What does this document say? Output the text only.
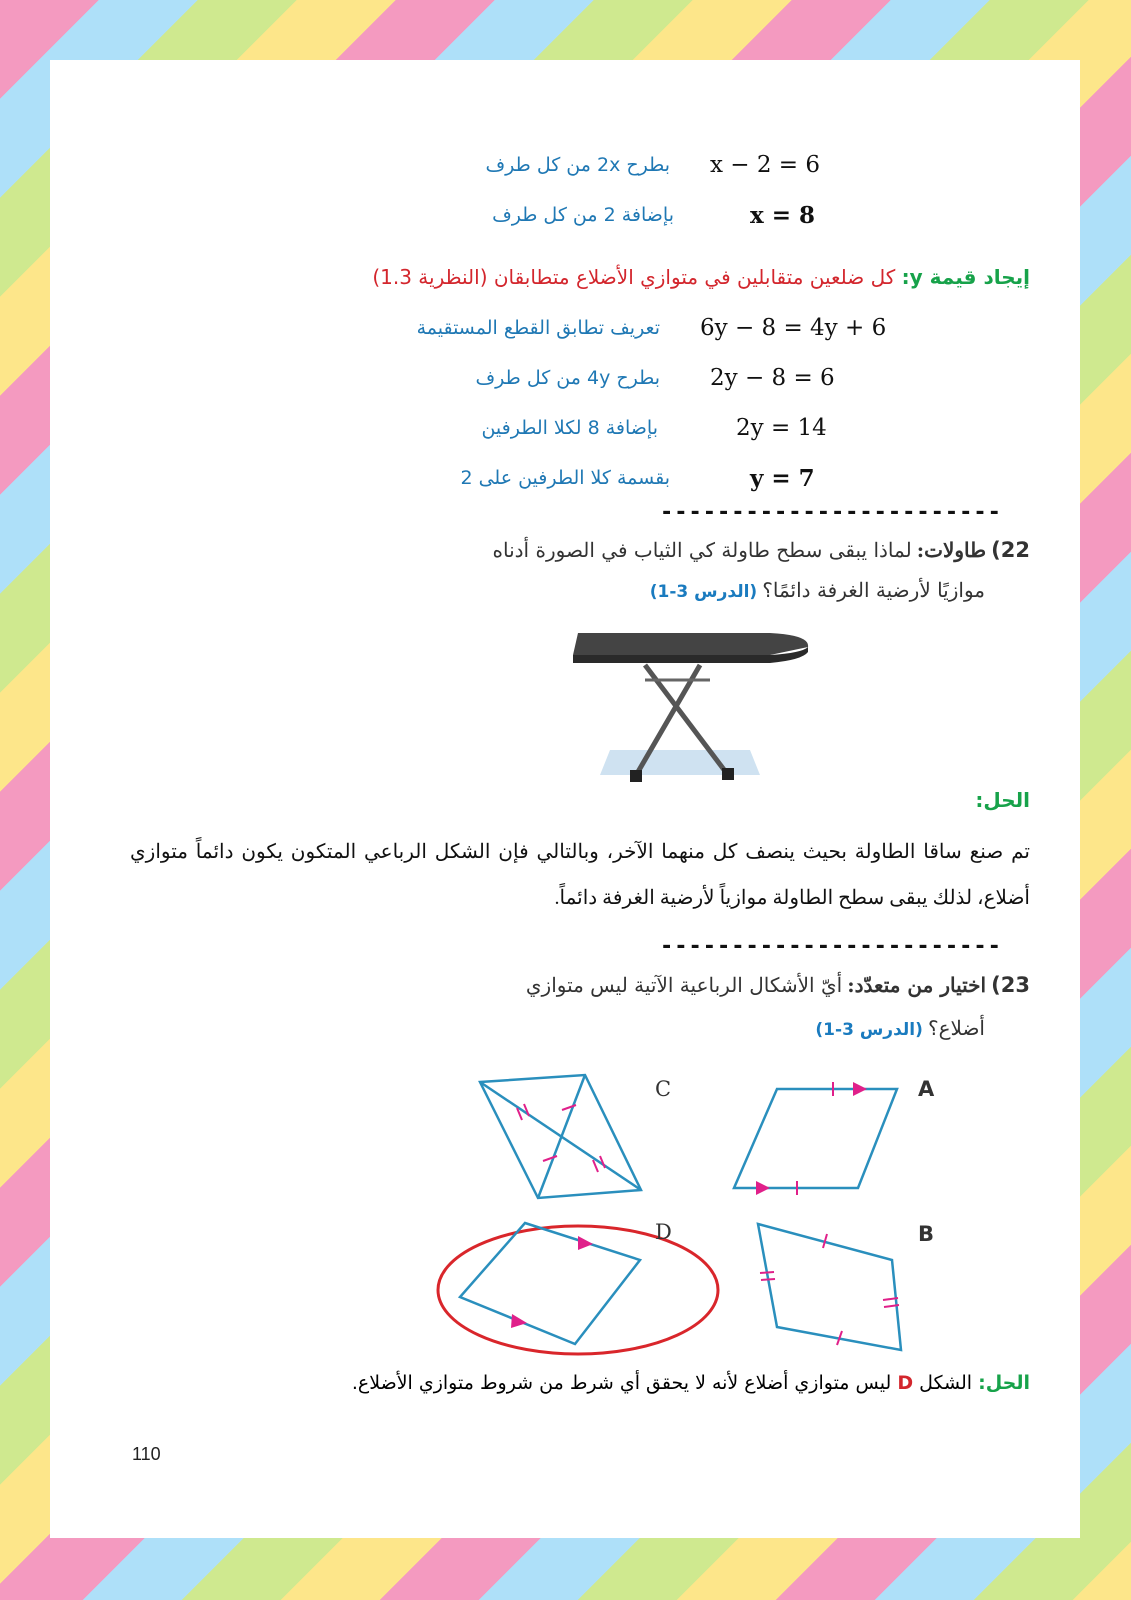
x − 2 = 6
بطرح 2x من كل طرف
x = 8
بإضافة 2 من كل طرف
إيجاد قيمة y: كل ضلعين متقابلين في متوازي الأضلاع متطابقان (النظرية 1.3)
6y − 8 = 4y + 6
تعريف تطابق القطع المستقيمة
2y − 8 = 6
بطرح 4y من كل طرف
2y = 14
بإضافة 8 لكلا الطرفين
y = 7
بقسمة كلا الطرفين على 2
------------------------
22) طاولات: لماذا يبقى سطح طاولة كي الثياب في الصورة أدناه
موازيًا لأرضية الغرفة دائمًا؟ (الدرس 3-1)
الحل:
تم صنع ساقا الطاولة بحيث ينصف كل منهما الآخر، وبالتالي فإن الشكل الرباعي المتكون يكون دائماً متوازي أضلاع، لذلك يبقى سطح الطاولة موازياً لأرضية الغرفة دائماً.
------------------------
23) اختيار من متعدّد: أيّ الأشكال الرباعية الآتية ليس متوازي
أضلاع؟ (الدرس 3-1)
A
B
C
D
الحل: الشكل D ليس متوازي أضلاع لأنه لا يحقق أي شرط من شروط متوازي الأضلاع.
110
